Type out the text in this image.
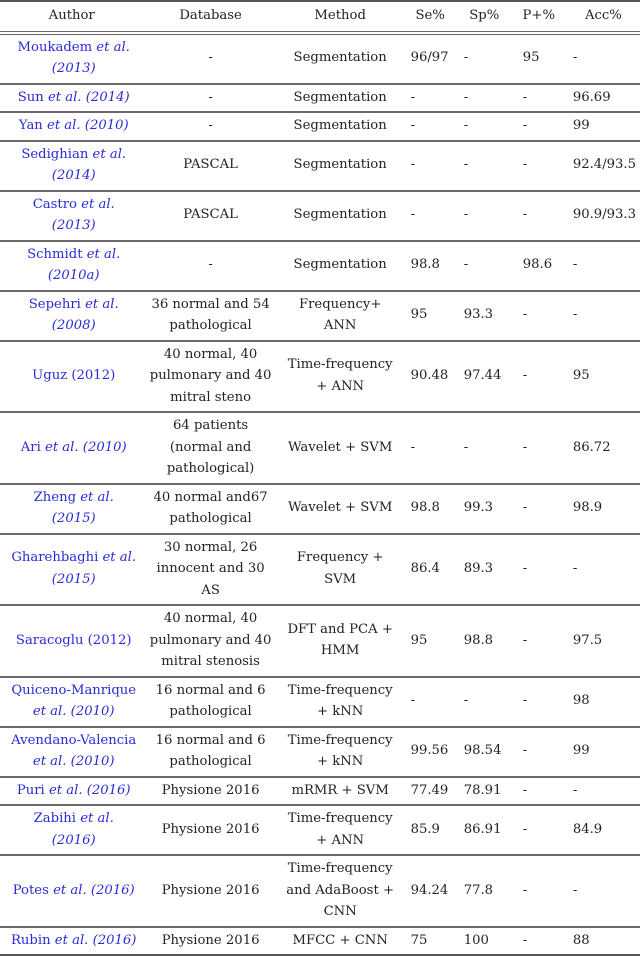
Author	Database	Method	Se%	Sp%	P+%	Acc%
Moukadem et al. (2013)	-	Segmentation	96/97	-	95	-
Sun et al. (2014)	-	Segmentation	-	-	-	96.69
Yan et al. (2010)	-	Segmentation	-	-	-	99
Sedighian et al. (2014)	PASCAL	Segmentation	-	-	-	92.4/93.5
Castro et al. (2013)	PASCAL	Segmentation	-	-	-	90.9/93.3
Schmidt et al. (2010a)	-	Segmentation	98.8	-	98.6	-
Sepehri et al. (2008)	36 normal and 54 pathological	Frequency+ ANN	95	93.3	-	-
Uguz (2012)	40 normal, 40 pulmonary and 40 mitral steno	Time-frequency + ANN	90.48	97.44	-	95
Ari et al. (2010)	64 patients (normal and pathological)	Wavelet + SVM	-	-	-	86.72
Zheng et al. (2015)	40 normal and67 pathological	Wavelet + SVM	98.8	99.3	-	98.9
Gharehbaghi et al. (2015)	30 normal, 26 innocent and 30 AS	Frequency + SVM	86.4	89.3	-	-
Saracoglu (2012)	40 normal, 40 pulmonary and 40 mitral stenosis	DFT and PCA + HMM	95	98.8	-	97.5
Quiceno-Manrique et al. (2010)	16 normal and 6 pathological	Time-frequency + kNN	-	-	-	98
Avendano-Valencia et al. (2010)	16 normal and 6 pathological	Time-frequency + kNN	99.56	98.54	-	99
Puri et al. (2016)	Physione 2016	mRMR + SVM	77.49	78.91	-	-
Zabihi et al. (2016)	Physione 2016	Time-frequency + ANN	85.9	86.91	-	84.9
Potes et al. (2016)	Physione 2016	Time-frequency and AdaBoost + CNN	94.24	77.8	-	-
Rubin et al. (2016)	Physione 2016	MFCC + CNN	75	100	-	88
